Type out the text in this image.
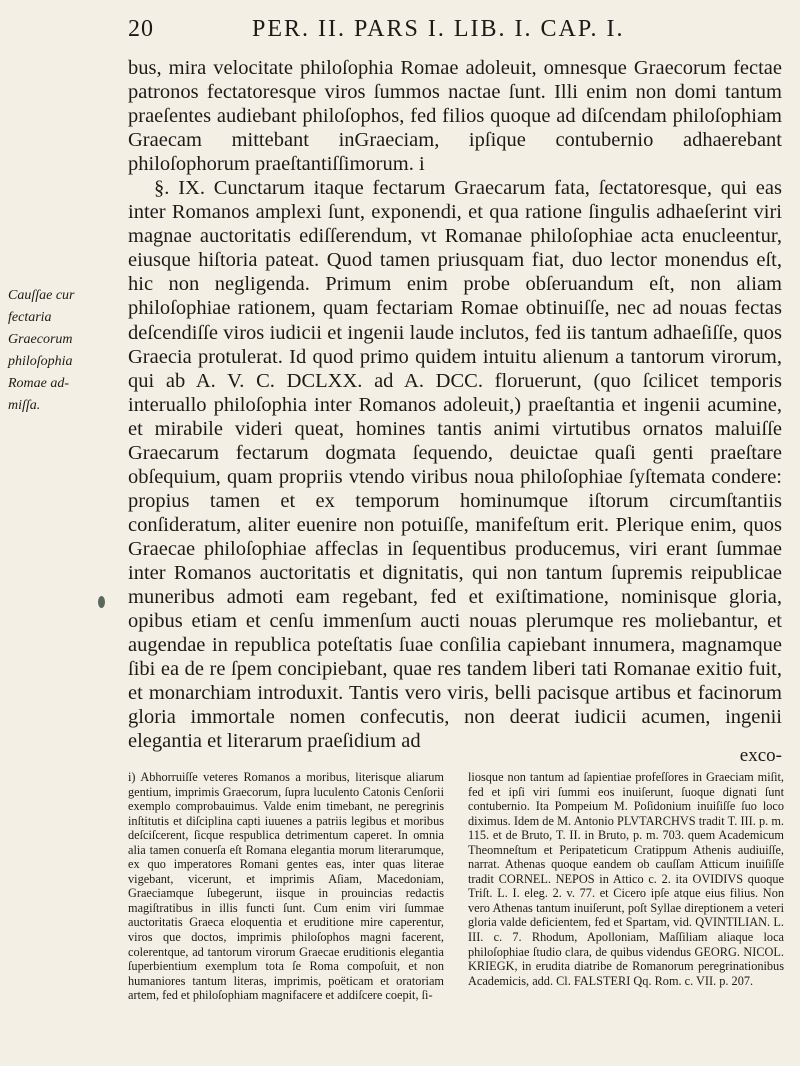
20	PER. II. PARS I. LIB. I. CAP. I.
Cauſſae cur
fectaria
Graecorum
philoſophia
Romae ad-
miſſa.

bus, mira velocitate philoſophia Romae adoleuit, omnesque Graecorum fectae patronos fectatoresque viros ſummos nactae ſunt. Illi enim non domi tantum praeſentes audiebant philoſophos, fed filios quoque ad diſcendam philoſophiam Graecam mittebant inGraeciam, ipſique contubernio adhaerebant philoſophorum praeſtantiſſimorum. i

§. IX. Cunctarum itaque fectarum Graecarum fata, ſectatoresque, qui eas inter Romanos amplexi ſunt, exponendi, et qua ratione ſingulis adhaeſerint viri magnae auctoritatis ediſſerendum, vt Romanae philoſophiae acta enucleentur, eiusque hiſtoria pateat. Quod tamen priusquam fiat, duo lector monendus eſt, hic non negligenda. Primum enim probe obſeruandum eſt, non aliam philoſophiae rationem, quam fectariam Romae obtinuiſſe, nec ad nouas fectas deſcendiſſe viros iudicii et ingenii laude inclutos, fed iis tantum adhaeſiſſe, quos Graecia protulerat. Id quod primo quidem intuitu alienum a tantorum virorum, qui ab A. V. C. DCLXX. ad A. DCC. floruerunt, (quo ſcilicet temporis interuallo philoſophia inter Romanos adoleuit,) praeſtantia et ingenii acumine, et mirabile videri queat, homines tantis animi virtutibus ornatos maluiſſe Graecarum fectarum dogmata ſequendo, deuictae quaſi genti praeſtare obſequium, quam propriis vtendo viribus noua philoſophiae ſyſtemata condere: propius tamen et ex temporum hominumque iſtorum circumſtantiis conſideratum, aliter euenire non potuiſſe, manifeſtum erit. Plerique enim, quos Graecae philoſophiae affeclas in ſequentibus producemus, viri erant ſummae inter Romanos auctoritatis et dignitatis, qui non tantum ſupremis reipublicae muneribus admoti eam regebant, fed et exiſtimatione, nominisque gloria, opibus etiam et cenſu immenſum aucti nouas plerumque res moliebantur, et augendae in republica poteſtatis ſuae conſilia capiebant innumera, magnamque ſibi ea de re ſpem concipiebant, quae res tandem liberi tati Romanae exitio fuit, et monarchiam introduxit. Tantis vero viris, belli pacisque artibus et facinorum gloria immortale nomen confecutis, non deerat iudicii acumen, ingenii elegantia et literarum praeſidium ad

exco-

i) Abhorruiſſe veteres Romanos a moribus, literisque aliarum gentium, imprimis Graecorum, ſupra luculento Catonis Cenſorii exemplo comprobauimus. Valde enim timebant, ne peregrinis inſtitutis et diſciplina capti iuuenes a patriis legibus et moribus deſciſcerent, ſicque respublica detrimentum caperet. In omnia alia tamen conuerſa eſt Romana elegantia morum literarumque, ex quo imperatores Romani gentes eas, inter quas literae vigebant, vicerunt, et imprimis Aſiam, Macedoniam, Graeciamque ſubegerunt, iisque in prouincias redactis magiſtratibus in illis functi ſunt. Cum enim viri ſummae auctoritatis Graeca eloquentia et eruditione mire caperentur, viros que doctos, imprimis philoſophos magni facerent, colerentque, ad tantorum virorum Graecae eruditionis elegantia ſuperbientium exemplum tota ſe Roma compoſuit, et non humaniores tantum literas, imprimis, poëticam et oratoriam artem, fed et philoſophiam magnifacere et addiſcere coepit, ſi-

liosque non tantum ad ſapientiae profeſſores in Graeciam miſit, fed et ipſi viri ſummi eos inuiſerunt, ſuoque dignati ſunt contubernio. Ita Pompeium M. Poſidonium inuiſiſſe ſuo loco diximus. Idem de M. Antonio PLVTARCHVS tradit T. III. p. m. 115. et de Bruto, T. II. in Bruto, p. m. 703. quem Academicum Theomneſtum et Peripateticum Cratippum Athenis audiuiſſe, narrat. Athenas quoque eandem ob cauſſam Atticum inuiſiſſe tradit CORNEL. NEPOS in Attico c. 2. ita OVIDIVS quoque Triſt. L. I. eleg. 2. v. 77. et Cicero ipſe atque eius filius. Non vero Athenas tantum inuiſerunt, poſt Syllae direptionem a veteri gloria valde deficientem, fed et Spartam, vid. QVINTILIAN. L. III. c. 7. Rhodum, Apolloniam, Maſſiliam aliaque loca philoſophiae ſtudio clara, de quibus videndus GEORG. NICOL. KRIEGK, in erudita diatribe de Romanorum peregrinationibus Academicis, add. Cl. FALSTERI Qq. Rom. c. VII. p. 207.
